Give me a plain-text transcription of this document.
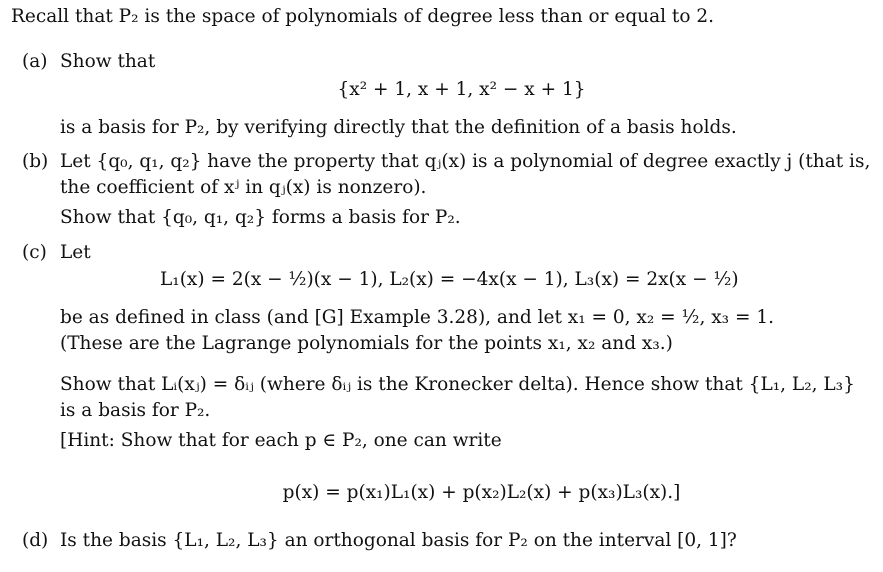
Recall that P₂ is the space of polynomials of degree less than or equal to 2.
(a) Show that
{x² + 1, x + 1, x² − x + 1}
is a basis for P₂, by verifying directly that the definition of a basis holds.
(b) Let {q₀, q₁, q₂} have the property that qⱼ(x) is a polynomial of degree exactly j (that is,
the coefficient of xʲ in qⱼ(x) is nonzero).
Show that {q₀, q₁, q₂} forms a basis for P₂.
(c) Let
L₁(x) = 2(x − ½)(x − 1), L₂(x) = −4x(x − 1), L₃(x) = 2x(x − ½)
be as defined in class (and [G] Example 3.28), and let x₁ = 0, x₂ = ½, x₃ = 1.
(These are the Lagrange polynomials for the points x₁, x₂ and x₃.)
Show that Lᵢ(xⱼ) = δᵢⱼ (where δᵢⱼ is the Kronecker delta). Hence show that {L₁, L₂, L₃}
is a basis for P₂.
[Hint: Show that for each p ∈ P₂, one can write
p(x) = p(x₁)L₁(x) + p(x₂)L₂(x) + p(x₃)L₃(x).]
(d) Is the basis {L₁, L₂, L₃} an orthogonal basis for P₂ on the interval [0, 1]?
